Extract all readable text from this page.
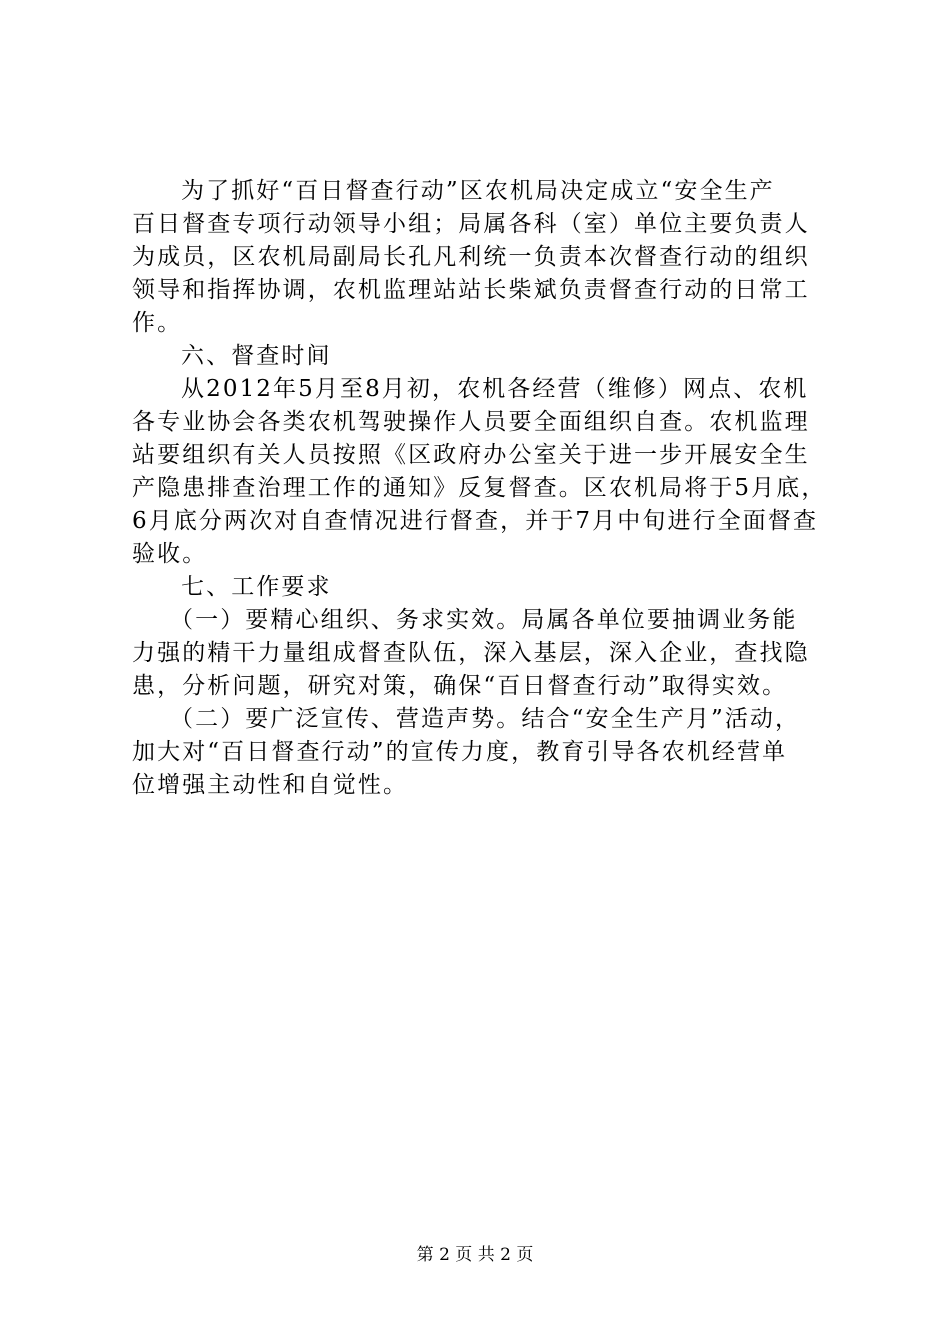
为了抓好“百日督查行动”区农机局决定成立“安全生产
百日督查专项行动领导小组；局属各科（室）单位主要负责人
为成员，区农机局副局长孔凡利统一负责本次督查行动的组织
领导和指挥协调，农机监理站站长柴斌负责督查行动的日常工
作。
六、督查时间
从2012年5月至8月初，农机各经营（维修）网点、农机
各专业协会各类农机驾驶操作人员要全面组织自查。农机监理
站要组织有关人员按照《区政府办公室关于进一步开展安全生
产隐患排查治理工作的通知》反复督查。区农机局将于5月底，
6月底分两次对自查情况进行督查，并于7月中旬进行全面督查
验收。
七、工作要求
（一）要精心组织、务求实效。局属各单位要抽调业务能
力强的精干力量组成督查队伍，深入基层，深入企业，查找隐
患，分析问题，研究对策，确保“百日督查行动”取得实效。
（二）要广泛宣传、营造声势。结合“安全生产月”活动，
加大对“百日督查行动”的宣传力度，教育引导各农机经营单
位增强主动性和自觉性。
第 2 页 共 2 页
